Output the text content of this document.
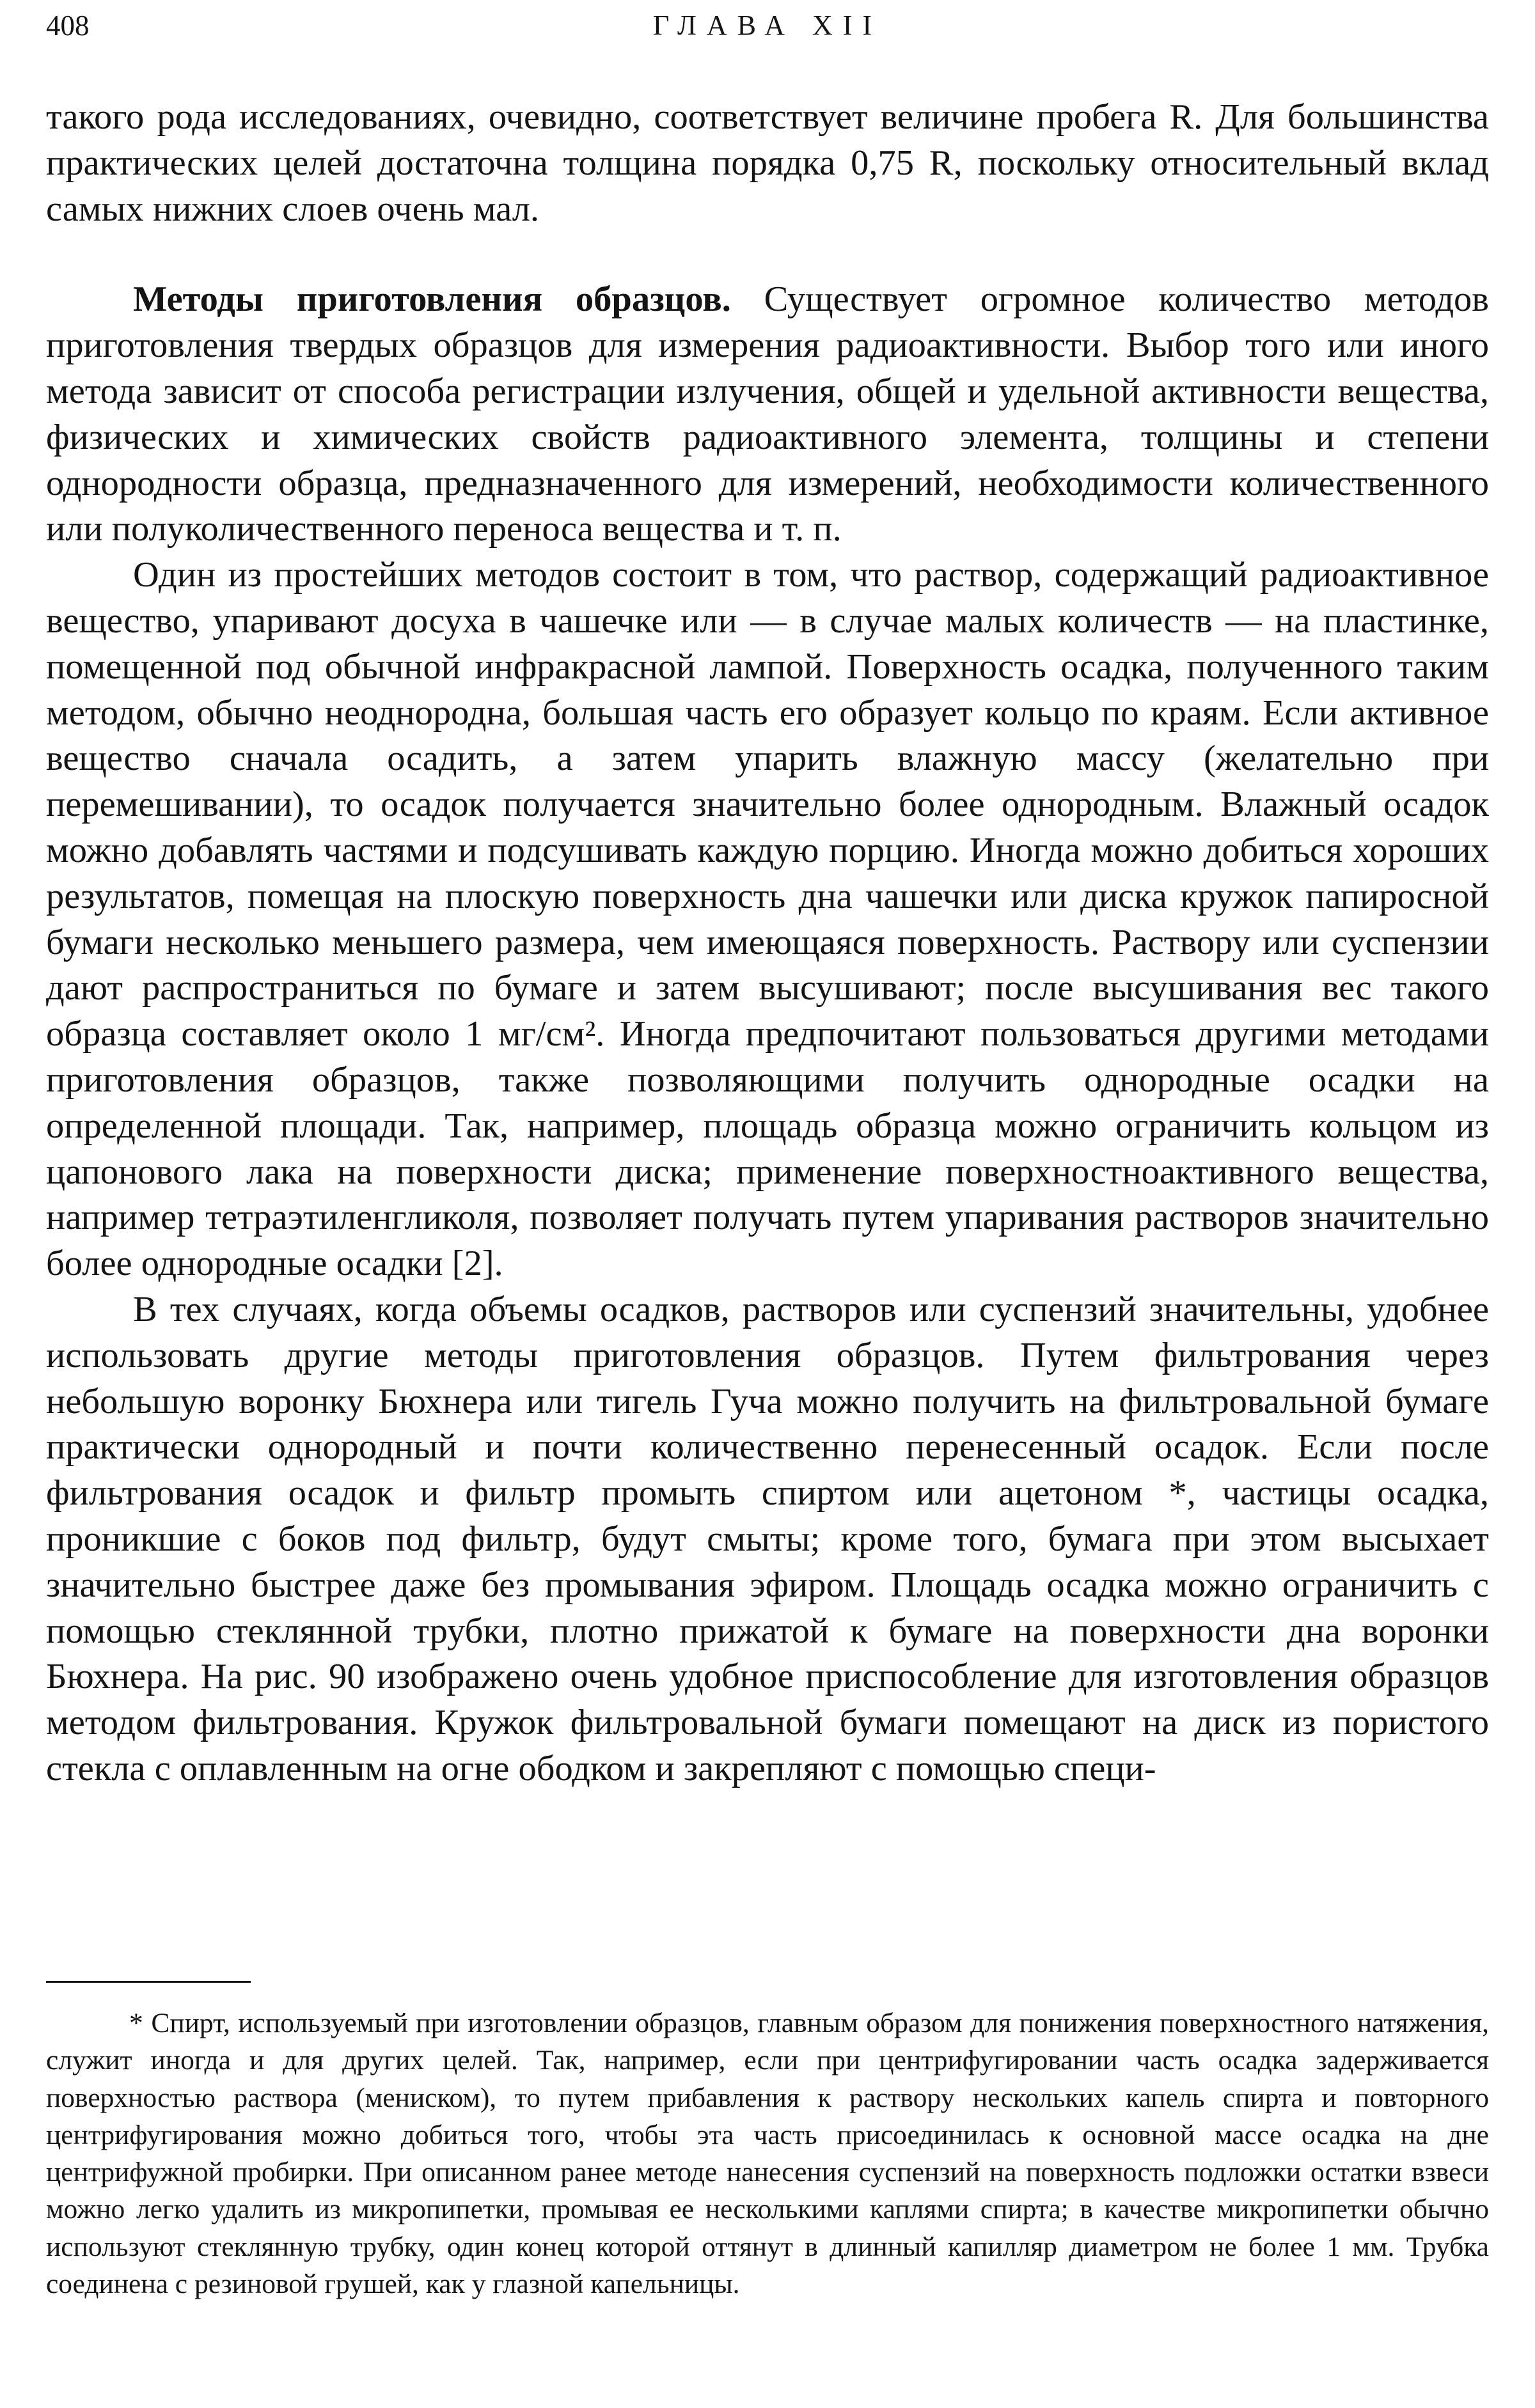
408	ГЛАВА XII

такого рода исследованиях, очевидно, соответствует величине пробега R. Для большинства практических целей достаточна толщина порядка 0,75 R, поскольку относительный вклад самых нижних слоев очень мал.

Методы приготовления образцов. Существует огромное количество методов приготовления твердых образцов для измерения радиоактивности. Выбор того или иного метода зависит от способа регистрации излучения, общей и удельной активности вещества, физических и химических свойств радиоактивного элемента, толщины и степени однородности образца, предназначенного для измерений, необходимости количественного или полуколичественного переноса вещества и т. п.

Один из простейших методов состоит в том, что раствор, содержащий радиоактивное вещество, упаривают досуха в чашечке или — в случае малых количеств — на пластинке, помещенной под обычной инфракрасной лампой. Поверхность осадка, полученного таким методом, обычно неоднородна, большая часть его образует кольцо по краям. Если активное вещество сначала осадить, а затем упарить влажную массу (желательно при перемешивании), то осадок получается значительно более однородным. Влажный осадок можно добавлять частями и подсушивать каждую порцию. Иногда можно добиться хороших результатов, помещая на плоскую поверхность дна чашечки или диска кружок папиросной бумаги несколько меньшего размера, чем имеющаяся поверхность. Раствору или суспензии дают распространиться по бумаге и затем высушивают; после высушивания вес такого образца составляет около 1 мг/см². Иногда предпочитают пользоваться другими методами приготовления образцов, также позволяющими получить однородные осадки на определенной площади. Так, например, площадь образца можно ограничить кольцом из цапонового лака на поверхности диска; применение поверхностноактивного вещества, например тетраэтиленгликоля, позволяет получать путем упаривания растворов значительно более однородные осадки [2].

В тех случаях, когда объемы осадков, растворов или суспензий значительны, удобнее использовать другие методы приготовления образцов. Путем фильтрования через небольшую воронку Бюхнера или тигель Гуча можно получить на фильтровальной бумаге практически однородный и почти количественно перенесенный осадок. Если после фильтрования осадок и фильтр промыть спиртом или ацетоном *, частицы осадка, проникшие с боков под фильтр, будут смыты; кроме того, бумага при этом высыхает значительно быстрее даже без промывания эфиром. Площадь осадка можно ограничить с помощью стеклянной трубки, плотно прижатой к бумаге на поверхности дна воронки Бюхнера. На рис. 90 изображено очень удобное приспособление для изготовления образцов методом фильтрования. Кружок фильтровальной бумаги помещают на диск из пористого стекла с оплавленным на огне ободком и закрепляют с помощью специ-

* Спирт, используемый при изготовлении образцов, главным образом для понижения поверхностного натяжения, служит иногда и для других целей. Так, например, если при центрифугировании часть осадка задерживается поверхностью раствора (мениском), то путем прибавления к раствору нескольких капель спирта и повторного центрифугирования можно добиться того, чтобы эта часть присоединилась к основной массе осадка на дне центрифужной пробирки. При описанном ранее методе нанесения суспензий на поверхность подложки остатки взвеси можно легко удалить из микропипетки, промывая ее несколькими каплями спирта; в качестве микропипетки обычно используют стеклянную трубку, один конец которой оттянут в длинный капилляр диаметром не более 1 мм. Трубка соединена с резиновой грушей, как у глазной капельницы.
